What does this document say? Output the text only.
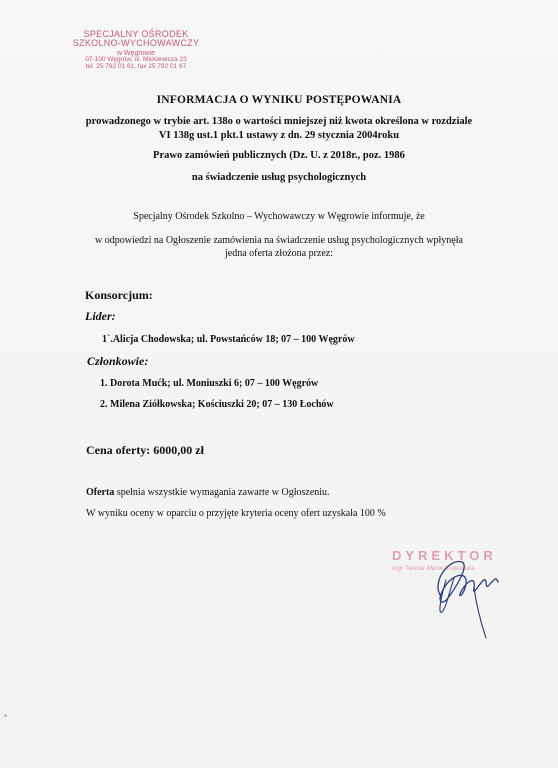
SPECJALNY OŚRODEK
SZKOLNO-WYCHOWAWCZY
w Węgrowie
07-100 Węgrów, ul. Mickiewicza 23
tel. 25 792 01 61, fax 25 792 01 67
INFORMACJA O WYNIKU POSTĘPOWANIA
prowadzonego w trybie art. 138o o wartości mniejszej niż kwota określona w rozdziale
VI 138g ust.1 pkt.1 ustawy z dn. 29 stycznia 2004roku
Prawo zamówień publicznych (Dz. U. z 2018r., poz. 1986
na świadczenie usług psychologicznych
Specjalny Ośrodek Szkolno – Wychowawczy w Węgrowie informuje, że
w odpowiedzi na Ogłoszenie zamówienia na świadczenie usług psychologicznych wpłynęła
jedna oferta złożona przez:
Konsorcjum:
Lider:
1`.Alicja Chodowska; ul. Powstańców 18; 07 – 100 Węgrów
Członkowie:
1. Dorota Mućk; ul. Moniuszki 6; 07 – 100 Węgrów
2. Milena Ziółkowska; Kościuszki 20; 07 – 130 Łochów
Cena oferty: 6000,00 zł
Oferta spełnia wszystkie wymagania zawarte w Ogłoszeniu.
W wyniku oceny w oparciu o przyjęte kryteria oceny ofert uzyskała 100 %
DYREKTOR
mgr Teresa Maria Krajewska
